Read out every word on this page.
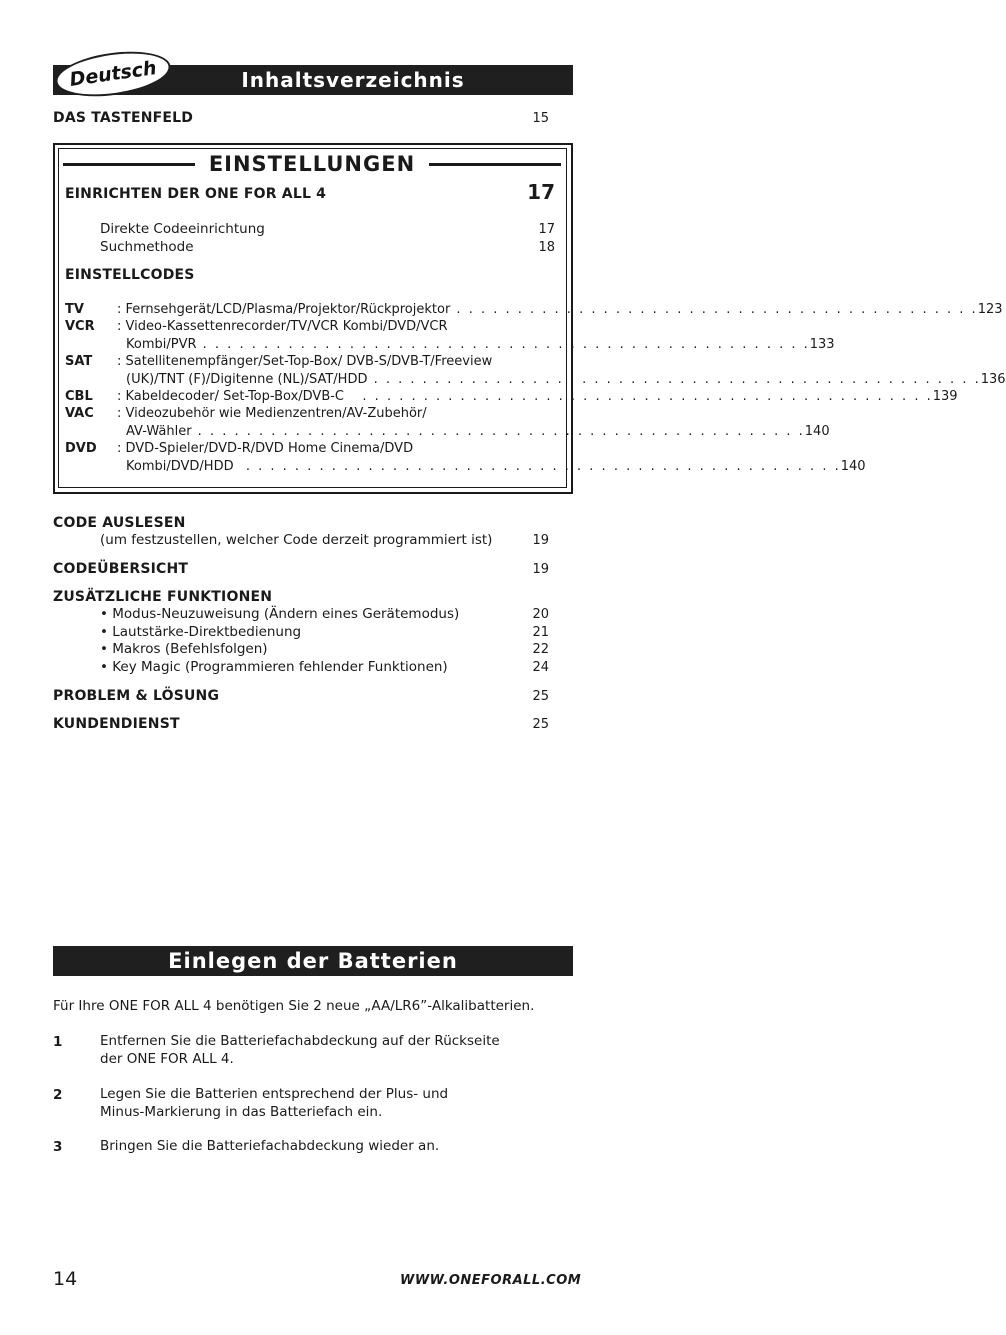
Inhaltsverzeichnis
Deutsch
DAS TASTENFELD	15
EINSTELLUNGEN
EINRICHTEN DER ONE FOR ALL 4	17
Direkte Codeeinrichtung	17
Suchmethode	18
EINSTELLCODES
TV	: Fernsehgerät/LCD/Plasma/Projektor/Rückprojektor . . . . . . . . . . . . . . . . . . . . . . . . . . . . . . . . . . . . . . . . . . . 123
VCR	: Video-Kassettenrecorder/TV/VCR Kombi/DVD/VCR
Kombi/PVR . . . . . . . . . . . . . . . . . . . . . . . . . . . . . . . . . . . . . . . . . . . . . . . . . . 133
SAT	: Satellitenempfänger/Set-Top-Box/ DVB-S/DVB-T/Freeview
(UK)/TNT (F)/Digitenne (NL)/SAT/HDD . . . . . . . . . . . . . . . . . . . . . . . . . . . . . . . . . . . . . . . . . . . . . . . . . . 136
CBL	: Kabeldecoder/ Set-Top-Box/DVB-C . . . . . . . . . . . . . . . . . . . . . . . . . . . . . . . . . . . . . . . . . . . . . . . 139
VAC	: Videozubehör wie Medienzentren/AV-Zubehör/
AV-Wähler . . . . . . . . . . . . . . . . . . . . . . . . . . . . . . . . . . . . . . . . . . . . . . . . . . 140
DVD	: DVD-Spieler/DVD-R/DVD Home Cinema/DVD
Kombi/DVD/HDD . . . . . . . . . . . . . . . . . . . . . . . . . . . . . . . . . . . . . . . . . . . . . . . . . 140
CODE AUSLESEN
(um festzustellen, welcher Code derzeit programmiert ist)	19
CODEÜBERSICHT	19
ZUSÄTZLICHE FUNKTIONEN
• Modus-Neuzuweisung (Ändern eines Gerätemodus)	20
• Lautstärke-Direktbedienung	21
• Makros (Befehlsfolgen)	22
• Key Magic (Programmieren fehlender Funktionen)	24
PROBLEM & LÖSUNG	25
KUNDENDIENST	25
Einlegen der Batterien
Für Ihre ONE FOR ALL 4 benötigen Sie 2 neue „AA/LR6”-Alkalibatterien.
1	Entfernen Sie die Batteriefachabdeckung auf der Rückseite
der ONE FOR ALL 4.
2	Legen Sie die Batterien entsprechend der Plus- und
Minus-Markierung in das Batteriefach ein.
3	Bringen Sie die Batteriefachabdeckung wieder an.
14	WWW.ONEFORALL.COM
